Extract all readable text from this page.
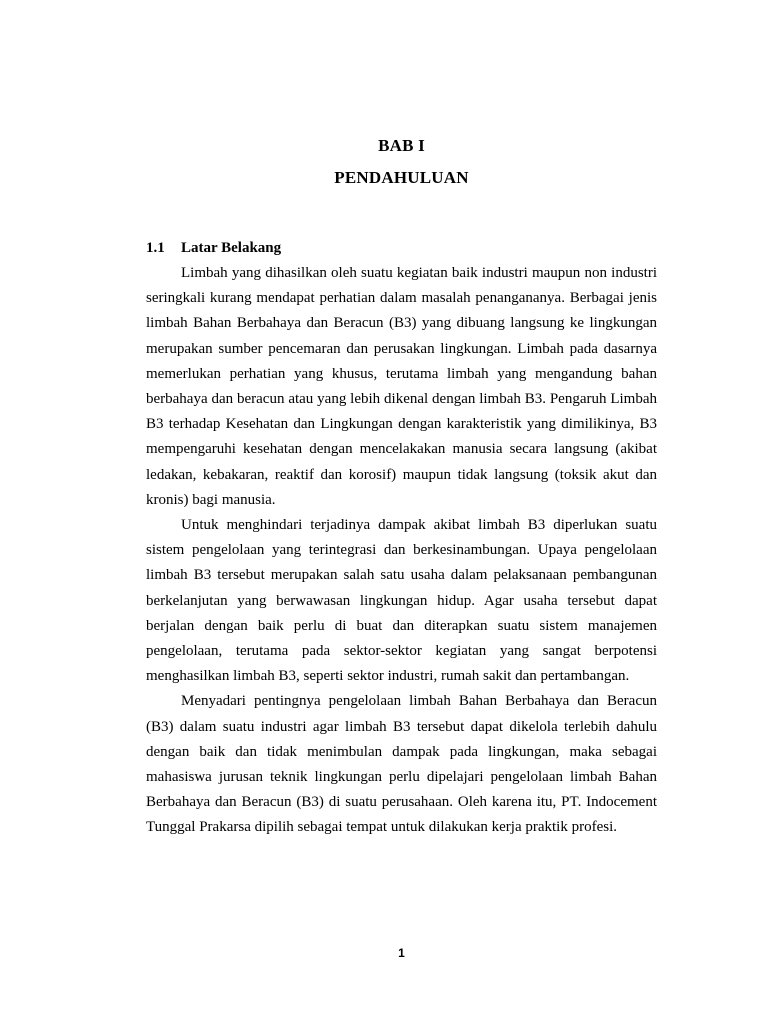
BAB I
PENDAHULUAN
1.1 Latar Belakang

Limbah yang dihasilkan oleh suatu kegiatan baik industri maupun non industri seringkali kurang mendapat perhatian dalam masalah penangananya. Berbagai jenis limbah Bahan Berbahaya dan Beracun (B3) yang dibuang langsung ke lingkungan merupakan sumber pencemaran dan perusakan lingkungan. Limbah pada dasarnya memerlukan perhatian yang khusus, terutama limbah yang mengandung bahan berbahaya dan beracun atau yang lebih dikenal dengan limbah B3. Pengaruh Limbah B3 terhadap Kesehatan dan Lingkungan dengan karakteristik yang dimilikinya, B3 mempengaruhi kesehatan dengan mencelakakan manusia secara langsung (akibat ledakan, kebakaran, reaktif dan korosif) maupun tidak langsung (toksik akut dan kronis) bagi manusia.

Untuk menghindari terjadinya dampak akibat limbah B3 diperlukan suatu sistem pengelolaan yang terintegrasi dan berkesinambungan. Upaya pengelolaan limbah B3 tersebut merupakan salah satu usaha dalam pelaksanaan pembangunan berkelanjutan yang berwawasan lingkungan hidup. Agar usaha tersebut dapat berjalan dengan baik perlu di buat dan diterapkan suatu sistem manajemen pengelolaan, terutama pada sektor-sektor kegiatan yang sangat berpotensi menghasilkan limbah B3, seperti sektor industri, rumah sakit dan pertambangan.

Menyadari pentingnya pengelolaan limbah Bahan Berbahaya dan Beracun (B3) dalam suatu industri agar limbah B3 tersebut dapat dikelola terlebih dahulu dengan baik dan tidak menimbulan dampak pada lingkungan, maka sebagai mahasiswa jurusan teknik lingkungan perlu dipelajari pengelolaan limbah Bahan Berbahaya dan Beracun (B3) di suatu perusahaan. Oleh karena itu, PT. Indocement Tunggal Prakarsa dipilih sebagai tempat untuk dilakukan kerja praktik profesi.

1
